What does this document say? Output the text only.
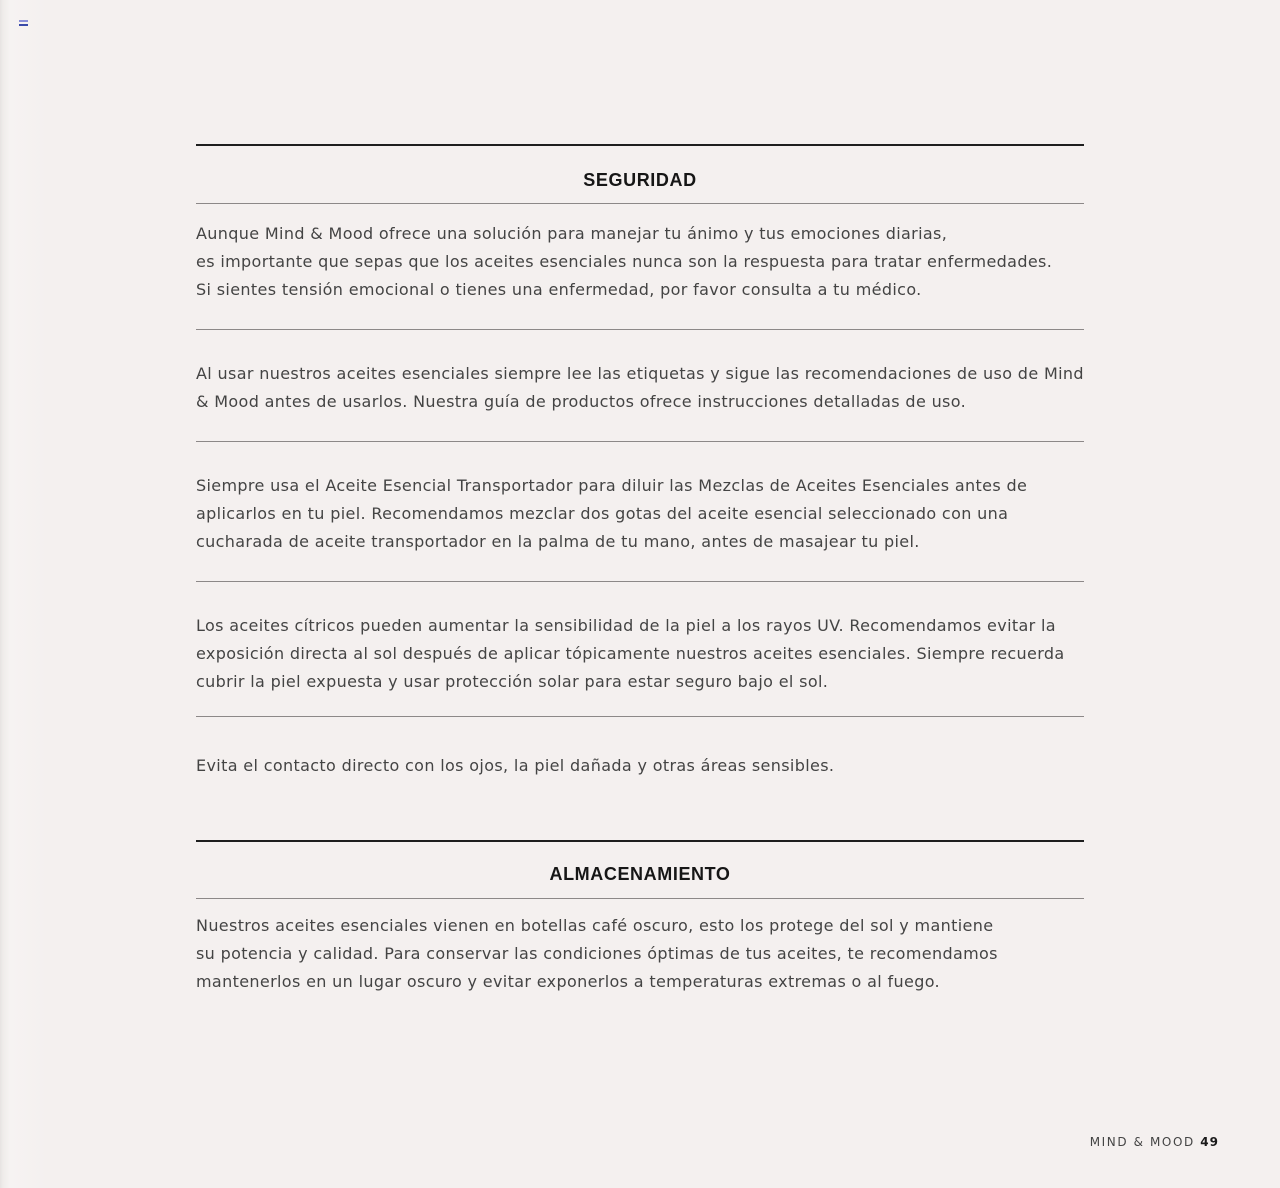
SEGURIDAD
Aunque Mind & Mood ofrece una solución para manejar tu ánimo y tus emociones diarias,
es importante que sepas que los aceites esenciales nunca son la respuesta para tratar enfermedades.
Si sientes tensión emocional o tienes una enfermedad, por favor consulta a tu médico.
Al usar nuestros aceites esenciales siempre lee las etiquetas y sigue las recomendaciones de uso de Mind
& Mood antes de usarlos. Nuestra guía de productos ofrece instrucciones detalladas de uso.
Siempre usa el Aceite Esencial Transportador para diluir las Mezclas de Aceites Esenciales antes de
aplicarlos en tu piel. Recomendamos mezclar dos gotas del aceite esencial seleccionado con una
cucharada de aceite transportador en la palma de tu mano, antes de masajear tu piel.
Los aceites cítricos pueden aumentar la sensibilidad de la piel a los rayos UV. Recomendamos evitar la
exposición directa al sol después de aplicar tópicamente nuestros aceites esenciales. Siempre recuerda
cubrir la piel expuesta y usar protección solar para estar seguro bajo el sol.
Evita el contacto directo con los ojos, la piel dañada y otras áreas sensibles.
ALMACENAMIENTO
Nuestros aceites esenciales vienen en botellas café oscuro, esto los protege del sol y mantiene
su potencia y calidad. Para conservar las condiciones óptimas de tus aceites, te recomendamos
mantenerlos en un lugar oscuro y evitar exponerlos a temperaturas extremas o al fuego.
MIND & MOOD 49
